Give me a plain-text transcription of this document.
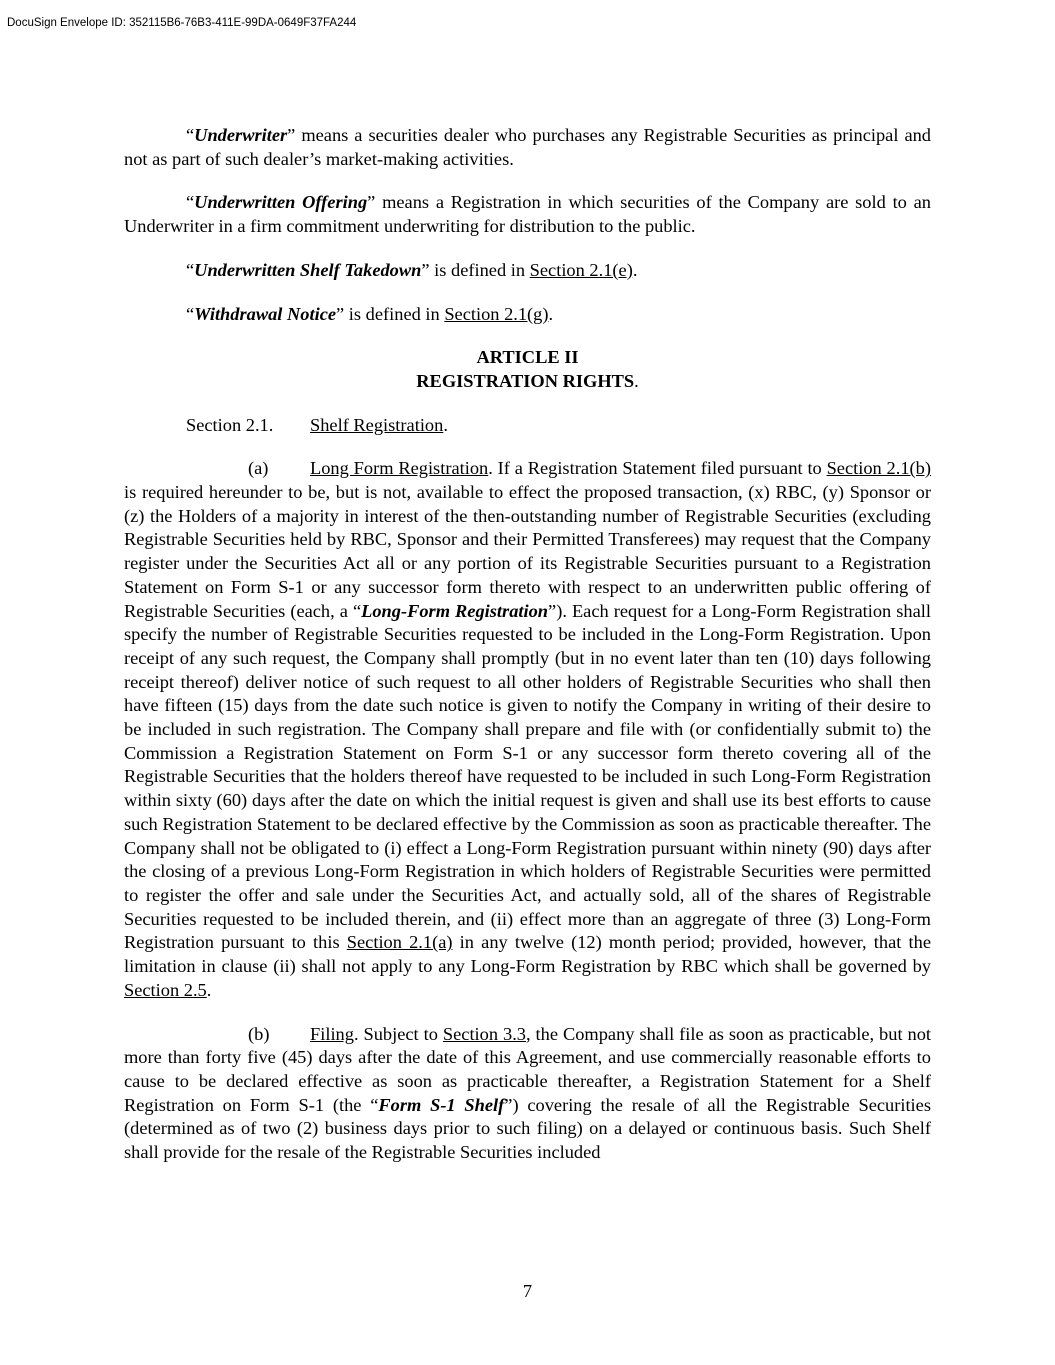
DocuSign Envelope ID: 352115B6-76B3-411E-99DA-0649F37FA244

“Underwriter” means a securities dealer who purchases any Registrable Securities as principal and not as part of such dealer’s market-making activities.

“Underwritten Offering” means a Registration in which securities of the Company are sold to an Underwriter in a firm commitment underwriting for distribution to the public.

“Underwritten Shelf Takedown” is defined in Section 2.1(e).

“Withdrawal Notice” is defined in Section 2.1(g).

ARTICLE II
REGISTRATION RIGHTS.
Section 2.1. Shelf Registration.

(a) Long Form Registration. If a Registration Statement filed pursuant to Section 2.1(b) is required hereunder to be, but is not, available to effect the proposed transaction, (x) RBC, (y) Sponsor or (z) the Holders of a majority in interest of the then-outstanding number of Registrable Securities (excluding Registrable Securities held by RBC, Sponsor and their Permitted Transferees) may request that the Company register under the Securities Act all or any portion of its Registrable Securities pursuant to a Registration Statement on Form S-1 or any successor form thereto with respect to an underwritten public offering of Registrable Securities (each, a “Long-Form Registration”). Each request for a Long-Form Registration shall specify the number of Registrable Securities requested to be included in the Long-Form Registration. Upon receipt of any such request, the Company shall promptly (but in no event later than ten (10) days following receipt thereof) deliver notice of such request to all other holders of Registrable Securities who shall then have fifteen (15) days from the date such notice is given to notify the Company in writing of their desire to be included in such registration. The Company shall prepare and file with (or confidentially submit to) the Commission a Registration Statement on Form S-1 or any successor form thereto covering all of the Registrable Securities that the holders thereof have requested to be included in such Long-Form Registration within sixty (60) days after the date on which the initial request is given and shall use its best efforts to cause such Registration Statement to be declared effective by the Commission as soon as practicable thereafter. The Company shall not be obligated to (i) effect a Long-Form Registration pursuant within ninety (90) days after the closing of a previous Long-Form Registration in which holders of Registrable Securities were permitted to register the offer and sale under the Securities Act, and actually sold, all of the shares of Registrable Securities requested to be included therein, and (ii) effect more than an aggregate of three (3) Long-Form Registration pursuant to this Section 2.1(a) in any twelve (12) month period; provided, however, that the limitation in clause (ii) shall not apply to any Long-Form Registration by RBC which shall be governed by Section 2.5.

(b) Filing. Subject to Section 3.3, the Company shall file as soon as practicable, but not more than forty five (45) days after the date of this Agreement, and use commercially reasonable efforts to cause to be declared effective as soon as practicable thereafter, a Registration Statement for a Shelf Registration on Form S-1 (the “Form S-1 Shelf”) covering the resale of all the Registrable Securities (determined as of two (2) business days prior to such filing) on a delayed or continuous basis. Such Shelf shall provide for the resale of the Registrable Securities included

7
